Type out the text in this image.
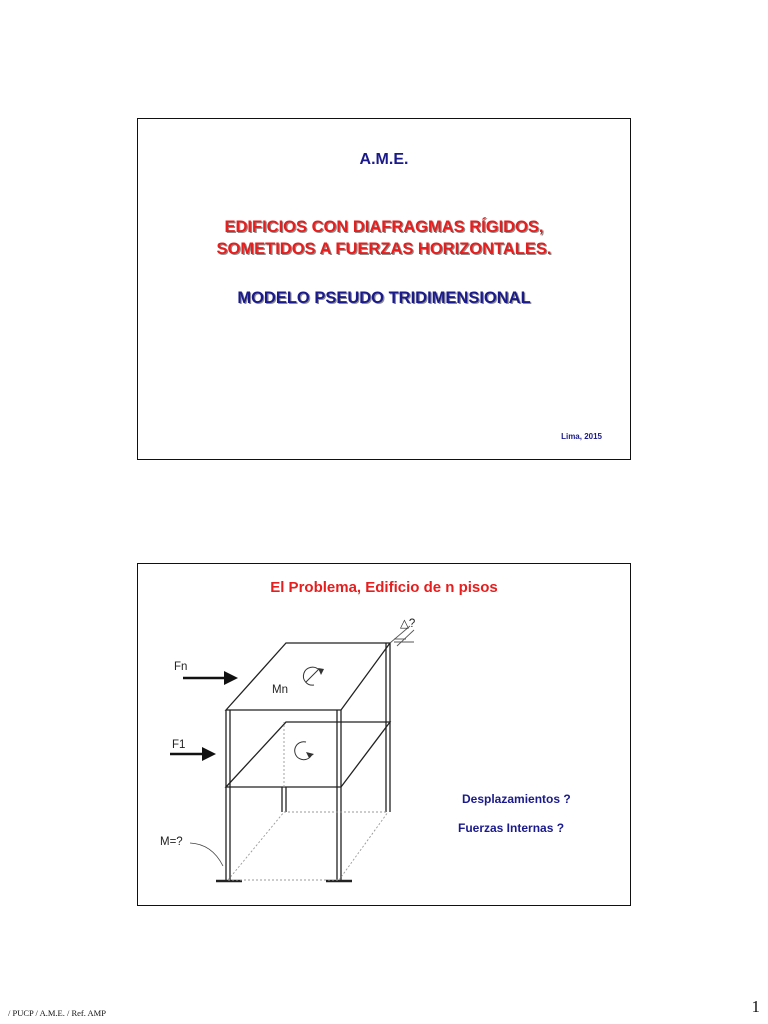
A.M.E.
EDIFICIOS CON DIAFRAGMAS RÍGIDOS,
SOMETIDOS A FUERZAS HORIZONTALES.
MODELO PSEUDO TRIDIMENSIONAL
Lima, 2015
El Problema, Edificio de n pisos
Fn
Mn
F1
M=?
△?
Desplazamientos ?
Fuerzas Internas ?
/ PUCP / A.M.E. / Ref. AMP	1
